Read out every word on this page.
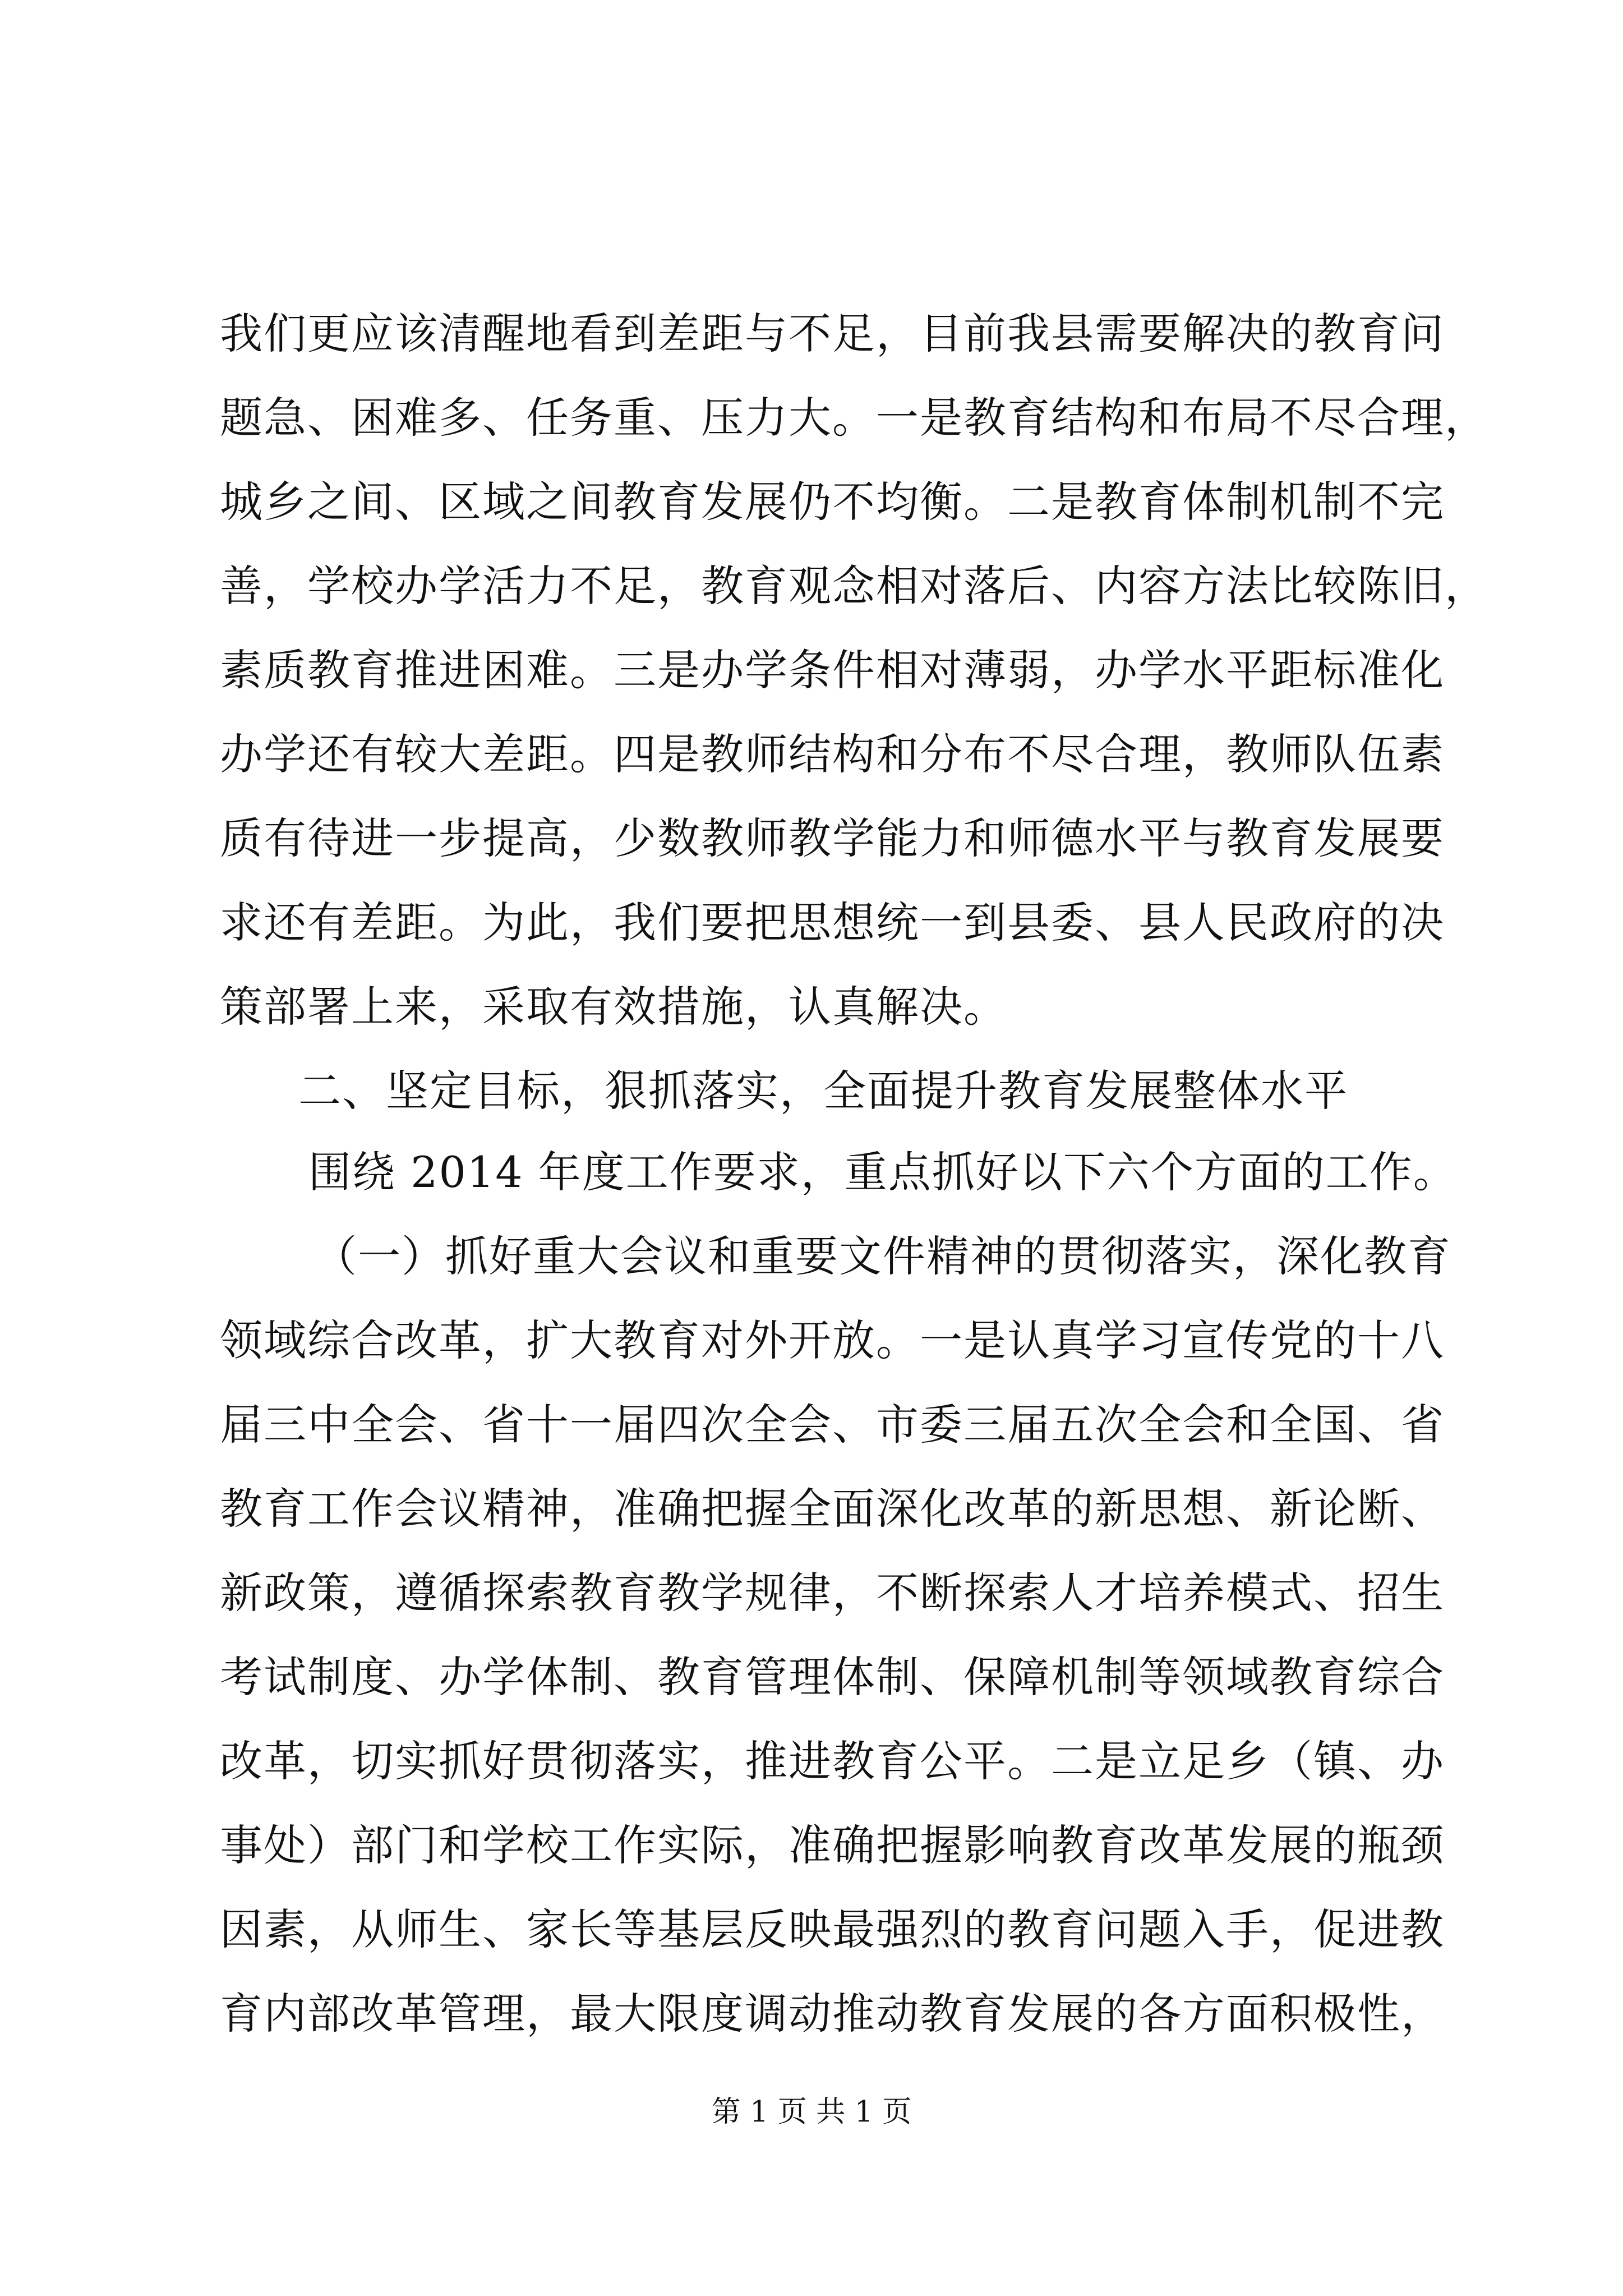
我们更应该清醒地看到差距与不足，目前我县需要解决的教育问
题急、困难多、任务重、压力大。一是教育结构和布局不尽合理，
城乡之间、区域之间教育发展仍不均衡。二是教育体制机制不完
善，学校办学活力不足，教育观念相对落后、内容方法比较陈旧，
素质教育推进困难。三是办学条件相对薄弱，办学水平距标准化
办学还有较大差距。四是教师结构和分布不尽合理，教师队伍素
质有待进一步提高，少数教师教学能力和师德水平与教育发展要
求还有差距。为此，我们要把思想统一到县委、县人民政府的决
策部署上来，采取有效措施，认真解决。
二、坚定目标，狠抓落实，全面提升教育发展整体水平
围绕 2014 年度工作要求，重点抓好以下六个方面的工作。
（一）抓好重大会议和重要文件精神的贯彻落实，深化教育
领域综合改革，扩大教育对外开放。一是认真学习宣传党的十八
届三中全会、省十一届四次全会、市委三届五次全会和全国、省
教育工作会议精神，准确把握全面深化改革的新思想、新论断、
新政策，遵循探索教育教学规律，不断探索人才培养模式、招生
考试制度、办学体制、教育管理体制、保障机制等领域教育综合
改革，切实抓好贯彻落实，推进教育公平。二是立足乡（镇、办
事处）部门和学校工作实际，准确把握影响教育改革发展的瓶颈
因素，从师生、家长等基层反映最强烈的教育问题入手，促进教
育内部改革管理，最大限度调动推动教育发展的各方面积极性，
第 1 页 共 1 页
